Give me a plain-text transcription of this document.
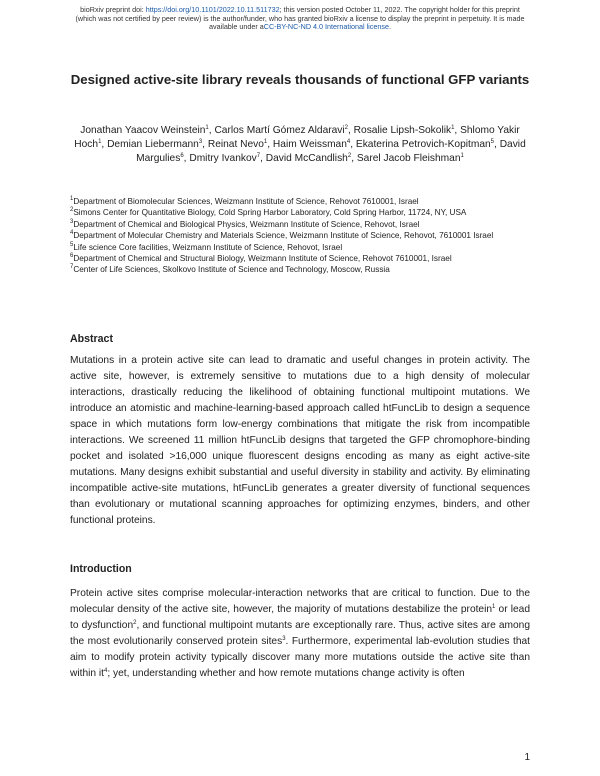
bioRxiv preprint doi: https://doi.org/10.1101/2022.10.11.511732; this version posted October 11, 2022. The copyright holder for this preprint
(which was not certified by peer review) is the author/funder, who has granted bioRxiv a license to display the preprint in perpetuity. It is made
available under aCC-BY-NC-ND 4.0 International license.
Designed active-site library reveals thousands of functional GFP variants
Jonathan Yaacov Weinstein$^1$, Carlos Martí Gómez Aldaravi$^2$, Rosalie Lipsh-Sokolik$^1$, Shlomo Yakir Hoch$^1$, Demian Liebermann$^3$, Reinat Nevo$^1$, Haim Weissman$^4$, Ekaterina Petrovich-Kopitman$^5$, David Margulies$^6$, Dmitry Ivankov$^7$, David McCandlish$^2$, Sarel Jacob Fleishman$^1$
$^1$Department of Biomolecular Sciences, Weizmann Institute of Science, Rehovot 7610001, Israel
$^2$Simons Center for Quantitative Biology, Cold Spring Harbor Laboratory, Cold Spring Harbor, 11724, NY, USA
$^3$Department of Chemical and Biological Physics, Weizmann Institute of Science, Rehovot, Israel
$^4$Department of Molecular Chemistry and Materials Science, Weizmann Institute of Science, Rehovot, 7610001 Israel
$^5$Life science Core facilities, Weizmann Institute of Science, Rehovot, Israel
$^6$Department of Chemical and Structural Biology, Weizmann Institute of Science, Rehovot 7610001, Israel
$^7$Center of Life Sciences, Skolkovo Institute of Science and Technology, Moscow, Russia
Abstract

Mutations in a protein active site can lead to dramatic and useful changes in protein activity. The active site, however, is extremely sensitive to mutations due to a high density of molecular interactions, drastically reducing the likelihood of obtaining functional multipoint mutations. We introduce an atomistic and machine-learning-based approach called htFuncLib to design a sequence space in which mutations form low-energy combinations that mitigate the risk from incompatible interactions. We screened 11 million htFuncLib designs that targeted the GFP chromophore-binding pocket and isolated >16,000 unique fluorescent designs encoding as many as eight active-site mutations. Many designs exhibit substantial and useful diversity in stability and activity. By eliminating incompatible active-site mutations, htFuncLib generates a greater diversity of functional sequences than evolutionary or mutational scanning approaches for optimizing enzymes, binders, and other functional proteins.

Introduction

Protein active sites comprise molecular-interaction networks that are critical to function. Due to the molecular density of the active site, however, the majority of mutations destabilize the protein$^1$ or lead to dysfunction$^2$, and functional multipoint mutants are exceptionally rare. Thus, active sites are among the most evolutionarily conserved protein sites$^3$. Furthermore, experimental lab-evolution studies that aim to modify protein activity typically discover many more mutations outside the active site than within $it^4$; yet, understanding whether and how remote mutations change activity is often

1
